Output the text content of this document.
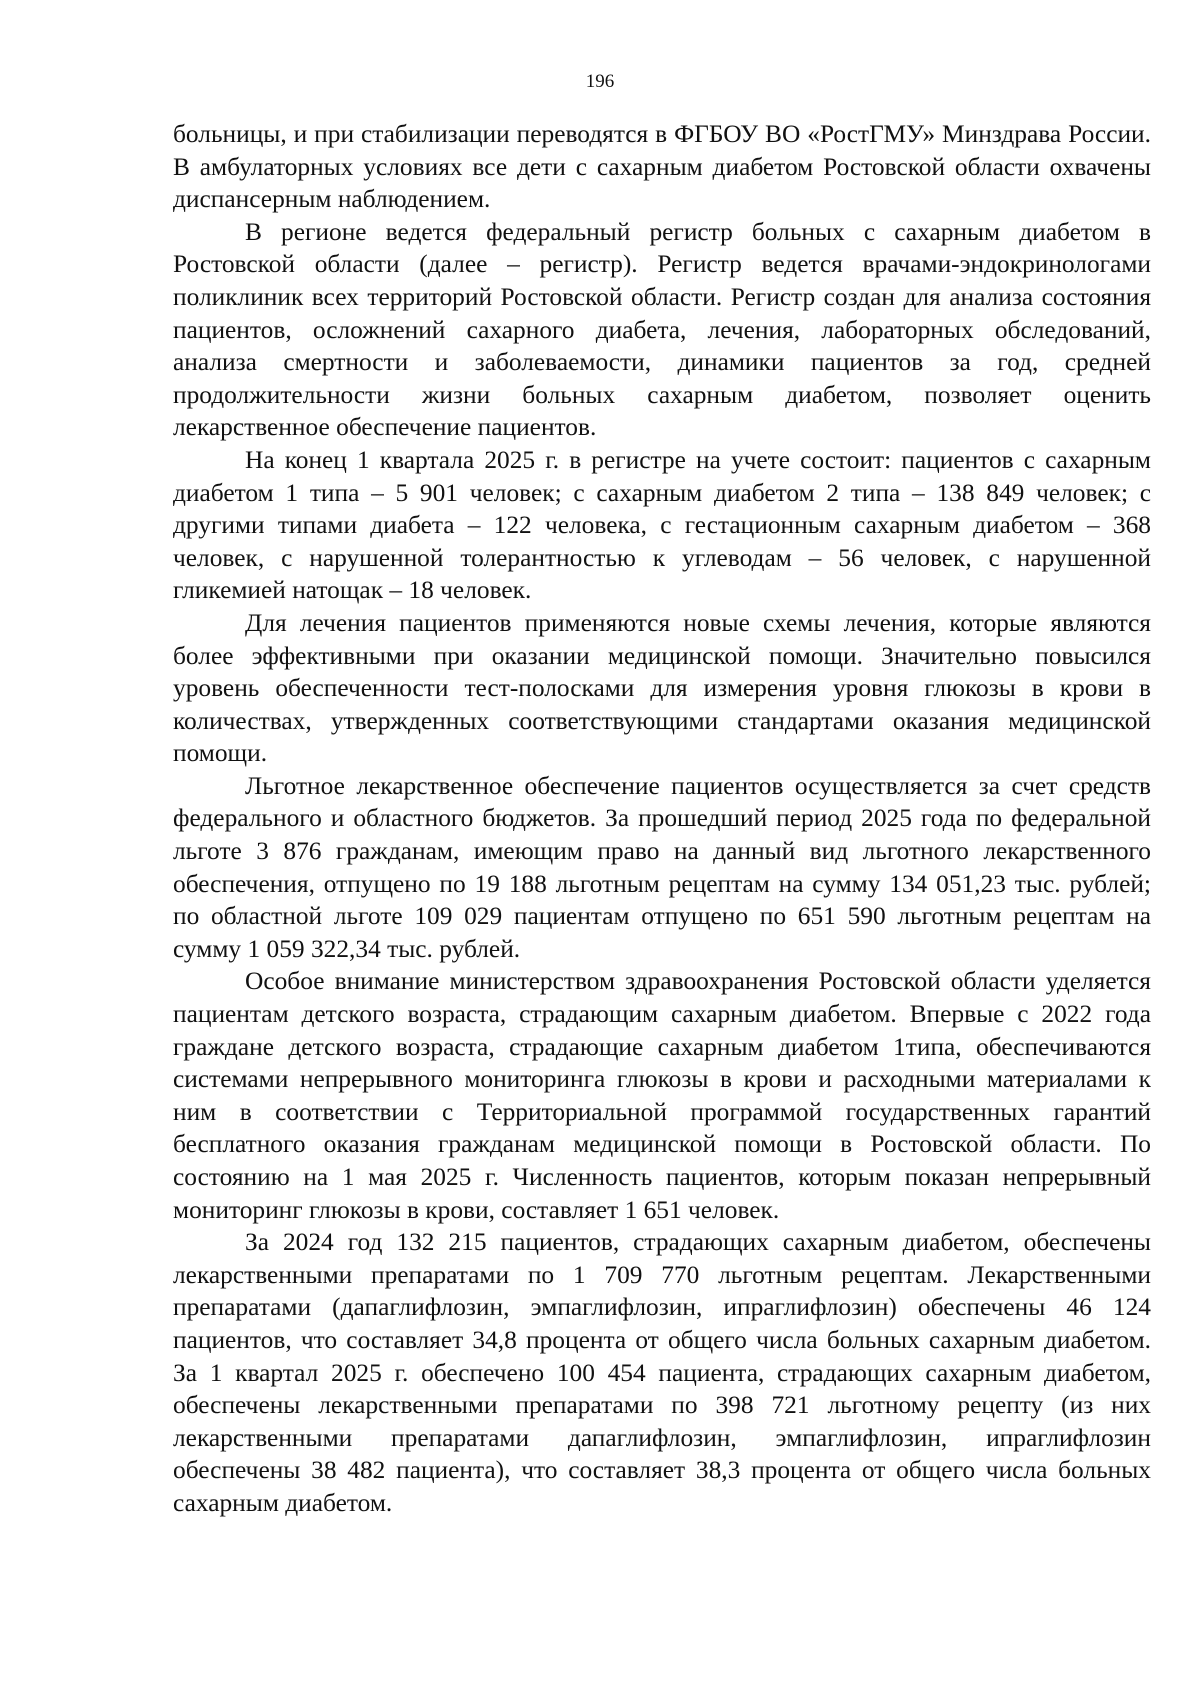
196

больницы, и при стабилизации переводятся в ФГБОУ ВО «РостГМУ» Минздрава России. В амбулаторных условиях все дети с сахарным диабетом Ростовской области охвачены диспансерным наблюдением.

В регионе ведется федеральный регистр больных с сахарным диабетом в Ростовской области (далее – регистр). Регистр ведется врачами-эндокринологами поликлиник всех территорий Ростовской области. Регистр создан для анализа состояния пациентов, осложнений сахарного диабета, лечения, лабораторных обследований, анализа смертности и заболеваемости, динамики пациентов за год, средней продолжительности жизни больных сахарным диабетом, позволяет оценить лекарственное обеспечение пациентов.

На конец 1 квартала 2025 г. в регистре на учете состоит: пациентов с сахарным диабетом 1 типа – 5 901 человек; с сахарным диабетом 2 типа – 138 849 человек; с другими типами диабета – 122 человека, с гестационным сахарным диабетом – 368 человек, с нарушенной толерантностью к углеводам – 56 человек, с нарушенной гликемией натощак – 18 человек.

Для лечения пациентов применяются новые схемы лечения, которые являются более эффективными при оказании медицинской помощи. Значительно повысился уровень обеспеченности тест-полосками для измерения уровня глюкозы в крови в количествах, утвержденных соответствующими стандартами оказания медицинской помощи.

Льготное лекарственное обеспечение пациентов осуществляется за счет средств федерального и областного бюджетов. За прошедший период 2025 года по федеральной льготе 3 876 гражданам, имеющим право на данный вид льготного лекарственного обеспечения, отпущено по 19 188 льготным рецептам на сумму 134 051,23 тыс. рублей; по областной льготе 109 029 пациентам отпущено по 651 590 льготным рецептам на сумму 1 059 322,34 тыс. рублей.

Особое внимание министерством здравоохранения Ростовской области уделяется пациентам детского возраста, страдающим сахарным диабетом. Впервые с 2022 года граждане детского возраста, страдающие сахарным диабетом 1типа, обеспечиваются системами непрерывного мониторинга глюкозы в крови и расходными материалами к ним в соответствии с Территориальной программой государственных гарантий бесплатного оказания гражданам медицинской помощи в Ростовской области. По состоянию на 1 мая 2025 г. Численность пациентов, которым показан непрерывный мониторинг глюкозы в крови, составляет 1 651 человек.

За 2024 год 132 215 пациентов, страдающих сахарным диабетом, обеспечены лекарственными препаратами по 1 709 770 льготным рецептам. Лекарственными препаратами (дапаглифлозин, эмпаглифлозин, ипраглифлозин) обеспечены 46 124 пациентов, что составляет 34,8 процента от общего числа больных сахарным диабетом. За 1 квартал 2025 г. обеспечено 100 454 пациента, страдающих сахарным диабетом, обеспечены лекарственными препаратами по 398 721 льготному рецепту (из них лекарственными препаратами дапаглифлозин, эмпаглифлозин, ипраглифлозин обеспечены 38 482 пациента), что составляет 38,3 процента от общего числа больных сахарным диабетом.
